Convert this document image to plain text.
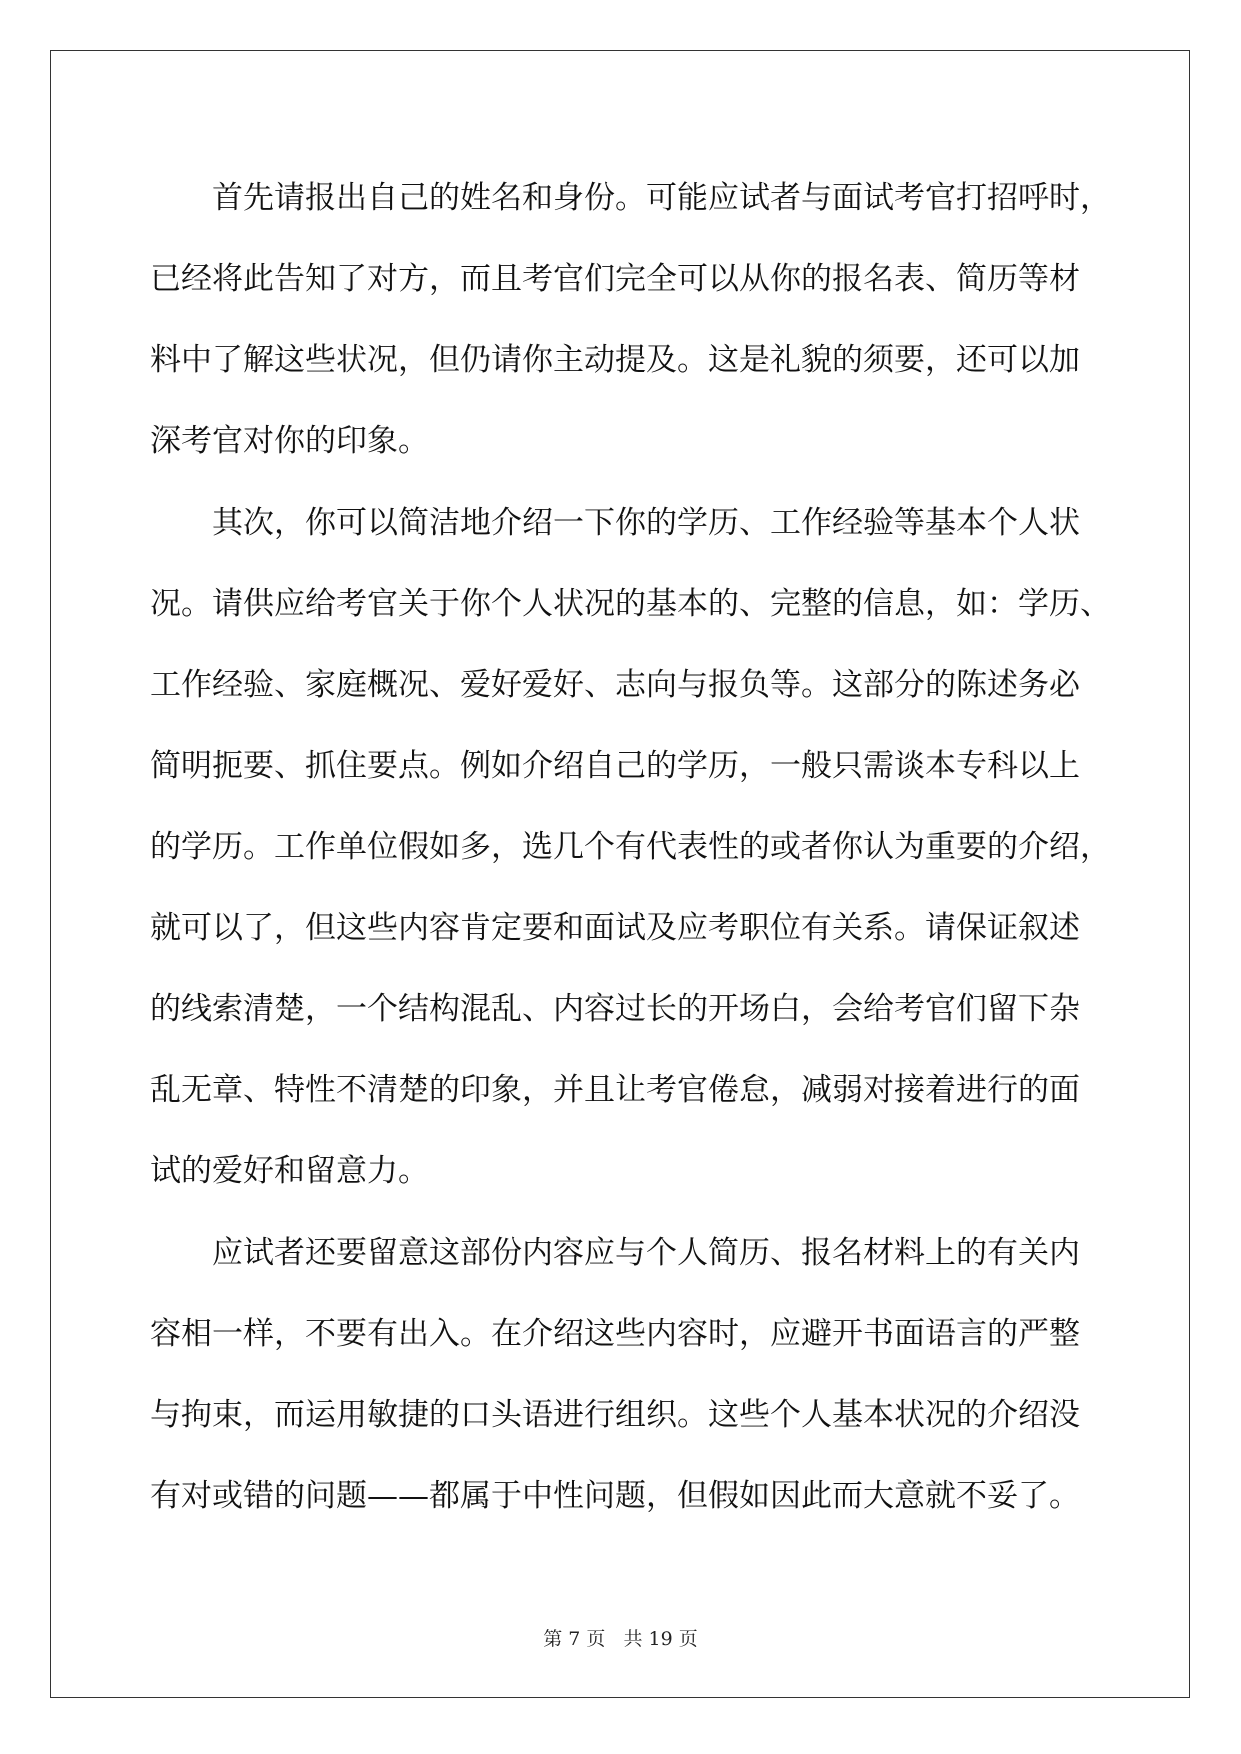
首先请报出自己的姓名和身份。可能应试者与面试考官打招呼时，
已经将此告知了对方，而且考官们完全可以从你的报名表、简历等材
料中了解这些状况，但仍请你主动提及。这是礼貌的须要，还可以加
深考官对你的印象。
其次，你可以简洁地介绍一下你的学历、工作经验等基本个人状
况。请供应给考官关于你个人状况的基本的、完整的信息，如：学历、
工作经验、家庭概况、爱好爱好、志向与报负等。这部分的陈述务必
简明扼要、抓住要点。例如介绍自己的学历，一般只需谈本专科以上
的学历。工作单位假如多，选几个有代表性的或者你认为重要的介绍，
就可以了，但这些内容肯定要和面试及应考职位有关系。请保证叙述
的线索清楚，一个结构混乱、内容过长的开场白，会给考官们留下杂
乱无章、特性不清楚的印象，并且让考官倦怠，减弱对接着进行的面
试的爱好和留意力。
应试者还要留意这部份内容应与个人简历、报名材料上的有关内
容相一样，不要有出入。在介绍这些内容时，应避开书面语言的严整
与拘束，而运用敏捷的口头语进行组织。这些个人基本状况的介绍没
有对或错的问题——都属于中性问题，但假如因此而大意就不妥了。
第 7 页 共 19 页
